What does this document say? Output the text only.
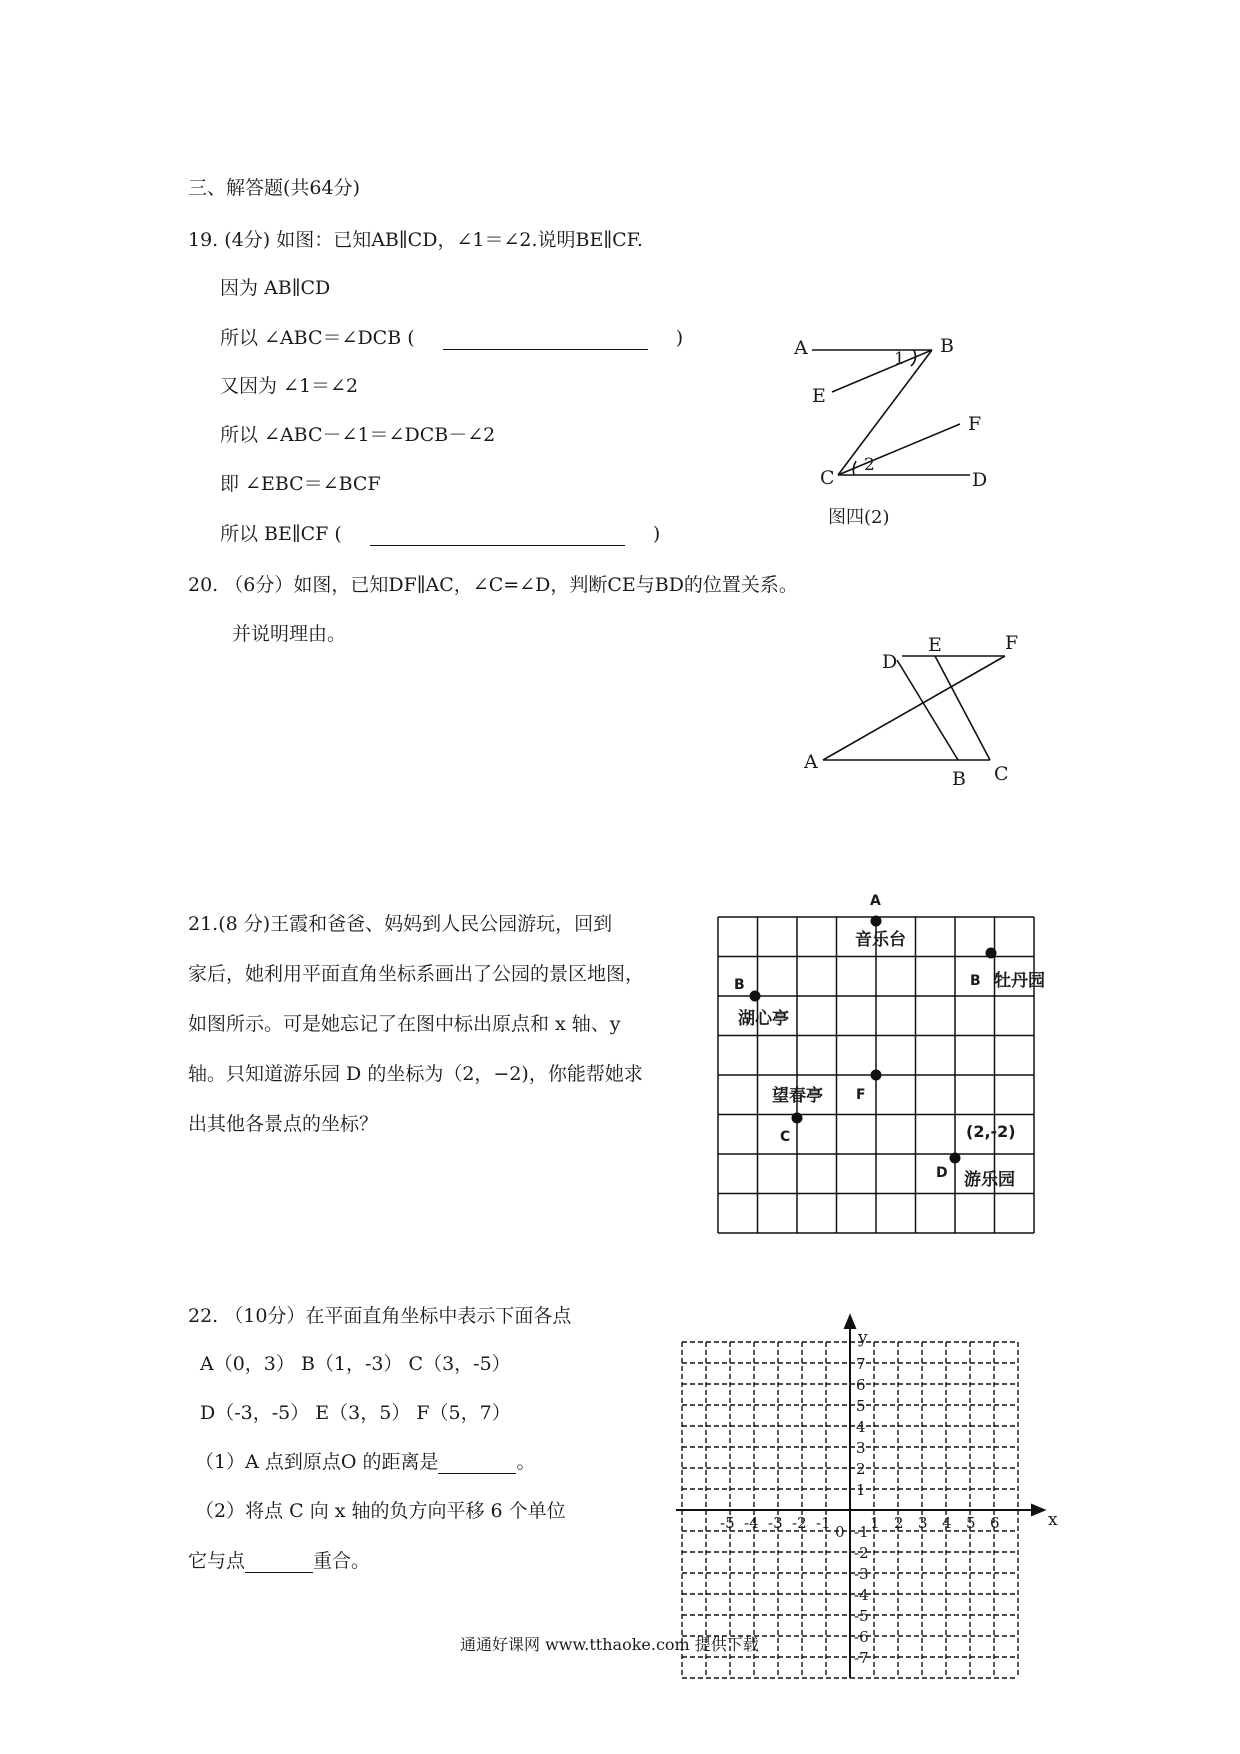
三、解答题(共64分)
19. (4分) 如图：已知AB∥CD，∠1＝∠2.说明BE∥CF.
因为 AB∥CD
所以 ∠ABC＝∠DCB (	)
又因为 ∠1＝∠2
所以 ∠ABC－∠1＝∠DCB－∠2
即 ∠EBC＝∠BCF
所以 BE∥CF (	)
A	B
E
F
C	D
1
2
图四(2)
20. （6分）如图，已知DF∥AC，∠C=∠D，判断CE与BD的位置关系。
并说明理由。
D
E	F
A
B C
21.(8 分)王霞和爸爸、妈妈到人民公园游玩，回到
家后，她利用平面直角坐标系画出了公园的景区地图，
如图所示。可是她忘记了在图中标出原点和 x 轴、y
轴。只知道游乐园 D 的坐标为（2，−2)，你能帮她求
出其他各景点的坐标？
A
音乐台
B
湖心亭
B 牡丹园
望春亭 F
C	(2,-2)
D 游乐园
22. （10分）在平面直角坐标中表示下面各点
A（0，3） B（1，-3） C（3，-5）
D（-3，-5） E（3，5） F（5，7）
（1）A 点到原点O 的距离是	。
（2）将点 C 向 x 轴的负方向平移 6 个单位
它与点	重合。
-5 -4 -3 -2 -1	1 2 3 4 5 6
7
6
5
4
3
2
1
-1
-2
-3
-4
-5
-6
-7
x
y
0
通通好课网 www.tthaoke.com 提供下载
